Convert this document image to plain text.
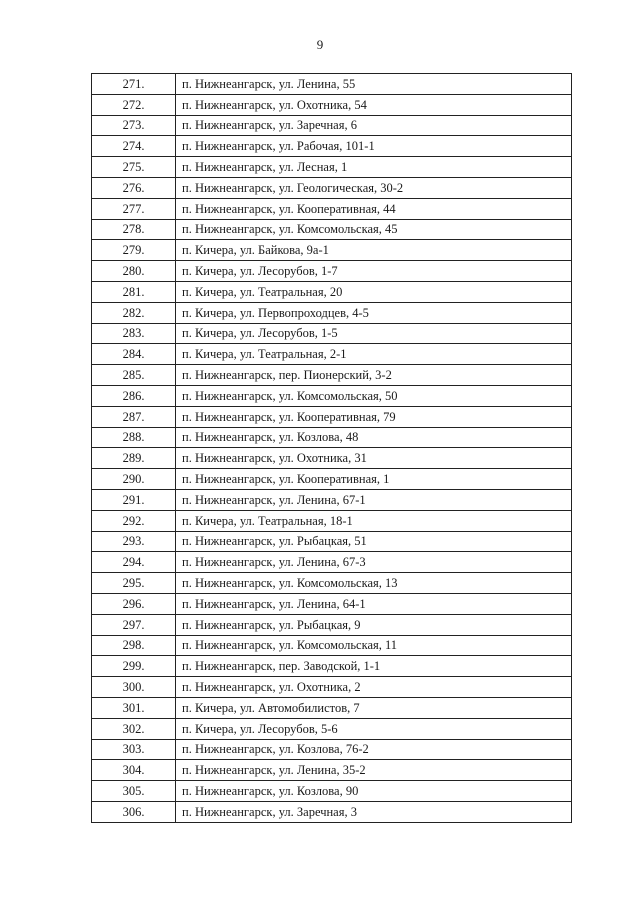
9
271.	п. Нижнеангарск, ул. Ленина, 55
272.	п. Нижнеангарск, ул. Охотника, 54
273.	п. Нижнеангарск, ул. Заречная, 6
274.	п. Нижнеангарск, ул. Рабочая, 101-1
275.	п. Нижнеангарск, ул. Лесная, 1
276.	п. Нижнеангарск, ул. Геологическая, 30-2
277.	п. Нижнеангарск, ул. Кооперативная, 44
278.	п. Нижнеангарск, ул. Комсомольская, 45
279.	п. Кичера, ул. Байкова, 9а-1
280.	п. Кичера, ул. Лесорубов, 1-7
281.	п. Кичера, ул. Театральная, 20
282.	п. Кичера, ул. Первопроходцев, 4-5
283.	п. Кичера, ул. Лесорубов, 1-5
284.	п. Кичера, ул. Театральная, 2-1
285.	п. Нижнеангарск, пер. Пионерский, 3-2
286.	п. Нижнеангарск, ул. Комсомольская, 50
287.	п. Нижнеангарск, ул. Кооперативная, 79
288.	п. Нижнеангарск, ул. Козлова, 48
289.	п. Нижнеангарск, ул. Охотника, 31
290.	п. Нижнеангарск, ул. Кооперативная, 1
291.	п. Нижнеангарск, ул. Ленина, 67-1
292.	п. Кичера, ул. Театральная, 18-1
293.	п. Нижнеангарск, ул. Рыбацкая, 51
294.	п. Нижнеангарск, ул. Ленина, 67-3
295.	п. Нижнеангарск, ул. Комсомольская, 13
296.	п. Нижнеангарск, ул. Ленина, 64-1
297.	п. Нижнеангарск, ул. Рыбацкая, 9
298.	п. Нижнеангарск, ул. Комсомольская, 11
299.	п. Нижнеангарск, пер. Заводской, 1-1
300.	п. Нижнеангарск, ул. Охотника, 2
301.	п. Кичера, ул. Автомобилистов, 7
302.	п. Кичера, ул. Лесорубов, 5-6
303.	п. Нижнеангарск, ул. Козлова, 76-2
304.	п. Нижнеангарск, ул. Ленина, 35-2
305.	п. Нижнеангарск, ул. Козлова, 90
306.	п. Нижнеангарск, ул. Заречная, 3
